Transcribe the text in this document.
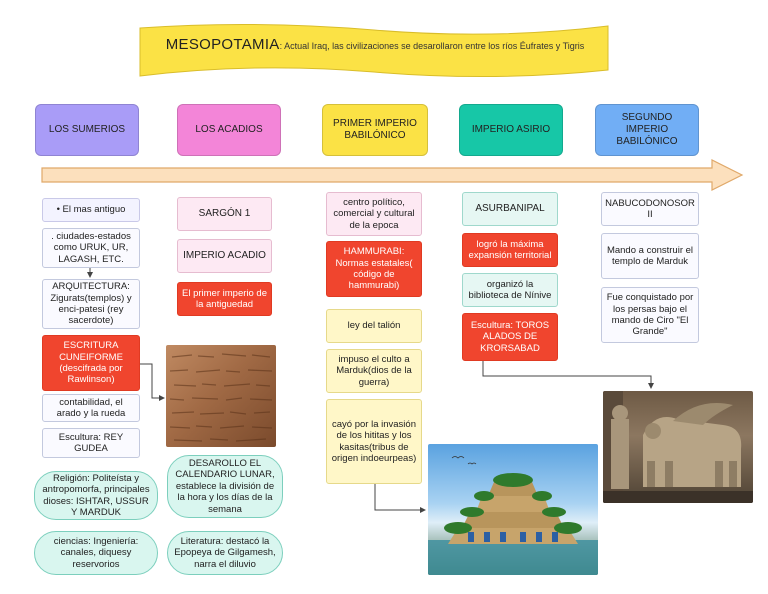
MESOPOTAMIA: Actual Iraq, las civilizaciones se desarollaron entre los ríos Éufrates y Tigris
LOS SUMERIOS	LOS ACADIOS
PRIMER IMPERIO BABILÓNICO
IMPERIO ASIRIO
SEGUNDO IMPERIO BABILÓNICO
• El mas antiguo
. ciudades-estados como URUK, UR, LAGASH, ETC.
ARQUITECTURA: Zigurats(templos) y enci-patesi (rey sacerdote)
ESCRITURA CUNEIFORME (descifrada por Rawlinson)
contabilidad, el arado y la rueda
Escultura: REY GUDEA
Religión: Politeísta y antropomorfa, principales dioses: ISHTAR, USSUR Y MARDUK
ciencias: Ingeniería: canales, diquesy reservorios
SARGÓN 1
IMPERIO ACADIO
El primer imperio de la antiguedad
DESAROLLO EL CALENDARIO LUNAR, establece la división de la hora y los días de la semana
Literatura: destacó la Epopeya de Gilgamesh, narra el diluvio
centro político, comercial y cultural de la epoca
HAMMURABI: Normas estatales( código de hammurabi)
ley del talión
impuso el culto a Marduk(dios de la guerra)
cayó por la invasión de los hititas y los kasitas(tribus de origen indoeurpeas)
ASURBANIPAL
logró la máxima expansión territorial
organizó la biblioteca de Nínive
Escultura: TOROS ALADOS DE KRORSABAD
NABUCODONOSOR II
Mando a construir el templo de Marduk
Fue conquistado por los persas bajo el mando de Ciro "El Grande"
